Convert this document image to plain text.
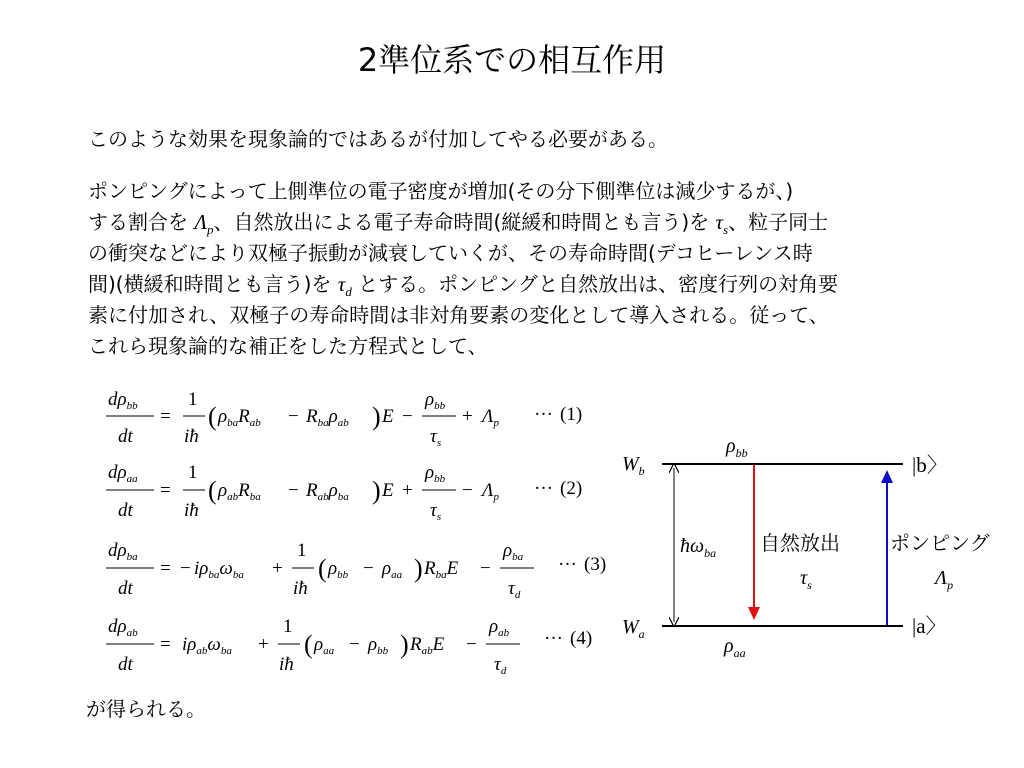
2準位系での相互作用
このような効果を現象論的ではあるが付加してやる必要がある。
ポンピングによって上側準位の電子密度が増加(その分下側準位は減少するが、)
する割合を $\Lambda_p$、自然放出による電子寿命時間(縦緩和時間とも言う)を $\tau_s$、粒子同士
の衝突などにより双極子振動が減衰していくが、その寿命時間(デコヒーレンス時
間)(横緩和時間とも言う)を $\tau_d$ とする。ポンピングと自然放出は、密度行列の対角要
素に付加され、双極子の寿命時間は非対角要素の変化として導入される。従って、
これら現象論的な補正をした方程式として、
$d\rho_{bb}$
dt
=
1
iħ
( $\rho_{ba}R_{ab} - R_{ba}\rho_{ab}$ ) E −
$\rho_{bb}$
$\tau_s$
+ $\Lambda_p$ ··· (1)
$d\rho_{aa}$
dt
=
1
iħ
( $\rho_{ab}R_{ba} - R_{ab}\rho_{ba}$ ) E +
$\rho_{bb}$
$\tau_s$
− $\Lambda_p$ ··· (2)
$d\rho_{ba}$
dt
= − $i\rho_{ba}\omega_{ba}$ +
1
iħ
( $\rho_{bb} - \rho_{aa}$ ) $R_{ba}E$ −
$\rho_{ba}$
$\tau_d$
··· (3)
$d\rho_{ab}$
dt
= $i\rho_{ab}\omega_{ba}$ +
1
iħ
( $\rho_{aa} - \rho_{bb}$ ) $R_{ab}E$ −
$\rho_{ab}$
$\tau_d$
··· (4)
$W_b$
$W_a$
$\rho_{bb}$
$\rho_{aa}$
|b〉
|a〉
$ħ\omega_{ba}$ 自然放出
$\tau_s$
ポンピング
$\Lambda_p$
が得られる。
